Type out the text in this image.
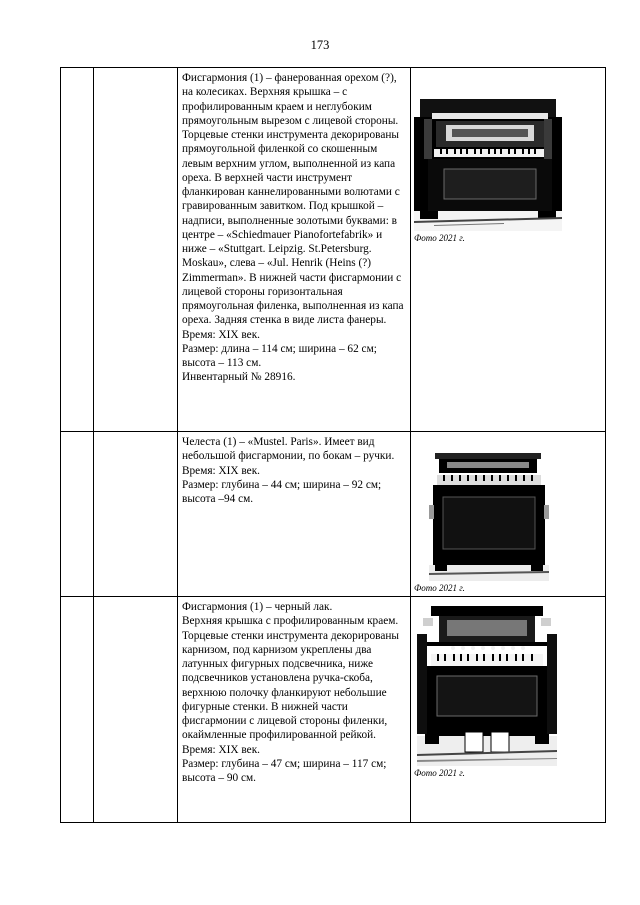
173

		Фисгармония (1) – фанерованная орехом (?), на колесиках. Верхняя крышка – с профилированным краем и неглубоким прямоугольным вырезом с лицевой стороны. Торцевые стенки инструмента декорированы прямоугольной филенкой со скошенным левым верхним углом, выполненной из капа ореха. В верхней части инструмент фланкирован каннелированными волютами с гравированным завитком. Под крышкой – надписи, выполненные золотыми буквами: в центре – «Schiedmauer Pianofortefabrik» и ниже – «Stuttgart. Leipzig. St.Petersburg. Moskau», слева – «Jul. Henrik (Heins (?) Zimmerman». В нижней части фисгармонии с лицевой стороны горизонтальная прямоугольная филенка, выполненная из капа ореха. Задняя стенка в виде листа фанеры.

Время: XIX век.

Размер: длина – 114 см; ширина – 62 см; высота – 113 см.

Инвентарный № 28916.	Фото 2021 г.

		Челеста (1) – «Mustel. Paris». Имеет вид небольшой фисгармонии, по бокам – ручки.

Время: XIX век.

Размер: глубина – 44 см; ширина – 92 см; высота –94 см.	Фото 2021 г.

		Фисгармония (1) – черный лак.

Верхняя крышка с профилированным краем. Торцевые стенки инструмента декорированы карнизом, под карнизом укреплены два латунных фигурных подсвечника, ниже подсвечников установлена ручка-скоба, верхнюю полочку фланкируют небольшие фигурные стенки. В нижней части фисгармонии с лицевой стороны филенки, окаймленные профилированной рейкой.

Время: XIX век.

Размер: глубина – 47 см; ширина – 117 см; высота – 90 см.	Фото 2021 г.
